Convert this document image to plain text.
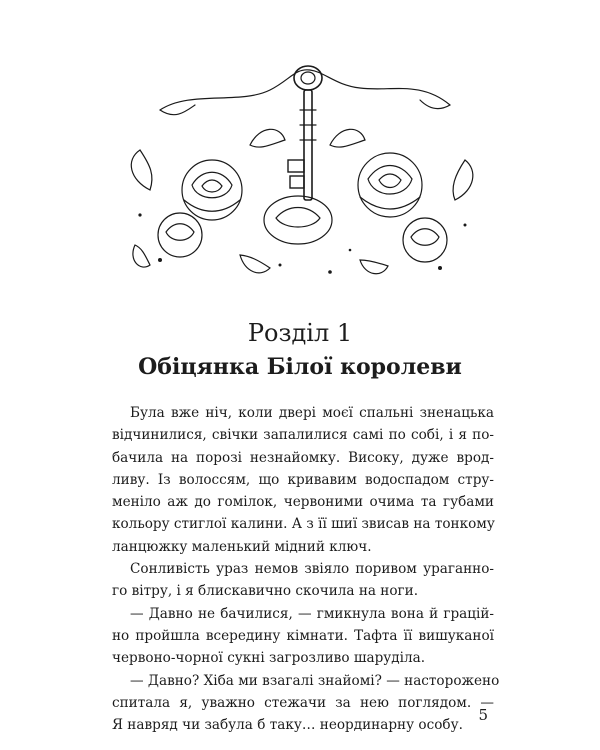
Розділ 1
Обіцянка Білої королеви
Була вже ніч, коли двері моєї спальні зненацька
відчинилися, свічки запалилися самі по собі, і я по-
бачила на порозі незнайомку. Високу, дуже врод-
ливу. Із волоссям, що кривавим водоспадом стру-
меніло аж до гомілок, червоними очима та губами
кольору стиглої калини. А з її шиї звисав на тонкому
ланцюжку маленький мідний ключ.
Сонливість ураз немов звіяло поривом ураганно-
го вітру, і я блискавично скочила на ноги.
— Давно не бачилися, — гмикнула вона й грацій-
но пройшла всередину кімнати. Тафта її вишуканої
червоно-чорної сукні загрозливо шаруділа.
— Давно? Хіба ми взагалі знайомі? — насторожено
спитала я, уважно стежачи за нею поглядом. —
Я навряд чи забула б таку… неординарну особу.
5
